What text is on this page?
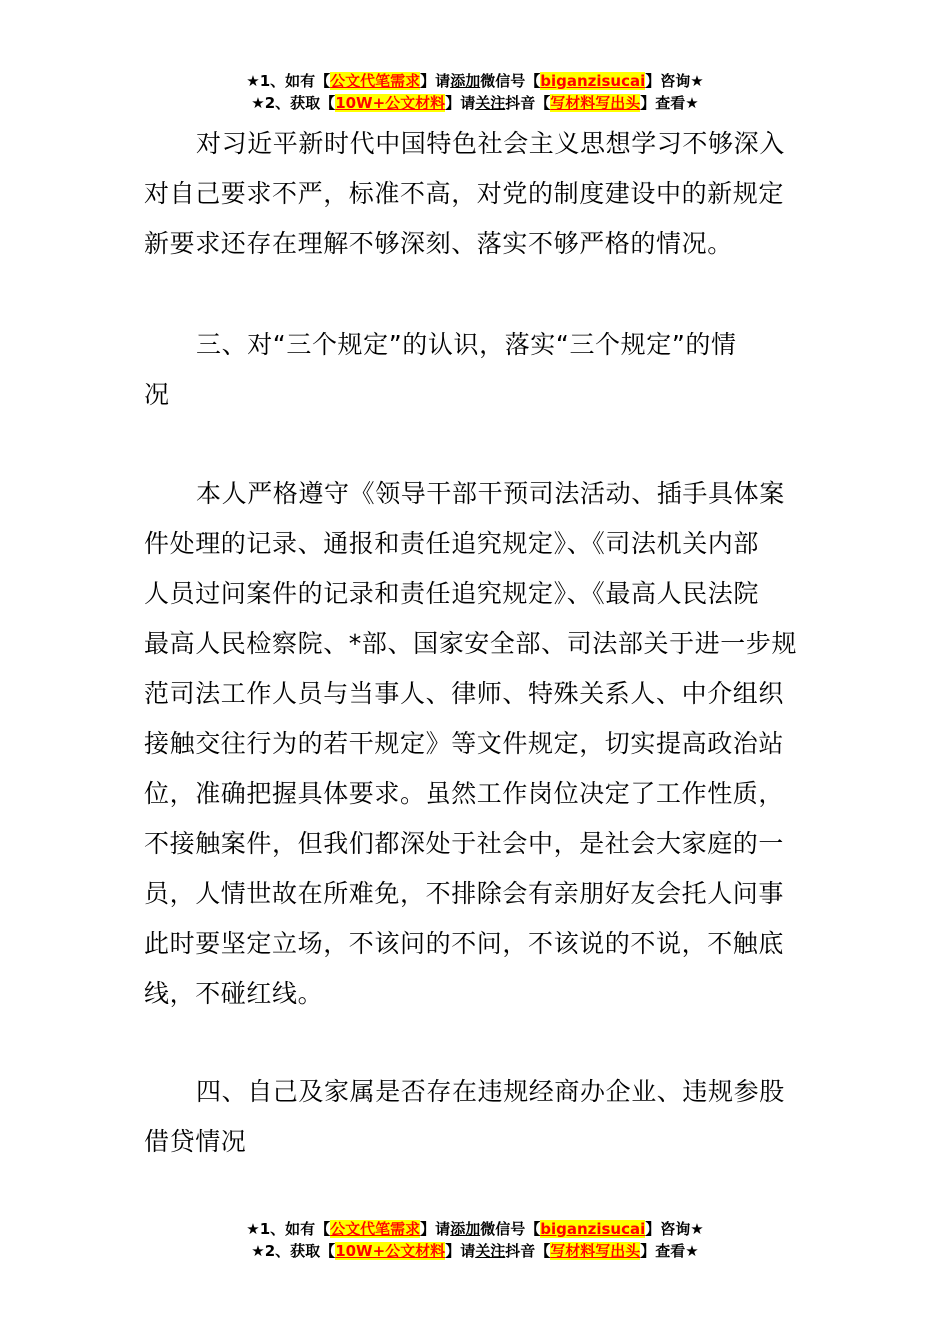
★1、如有【公文代笔需求】请添加微信号【biganzisucai】咨询★
★2、获取【10W+公文材料】请关注抖音【写材料写出头】查看★
对习近平新时代中国特色社会主义思想学习不够深入
对自己要求不严，标准不高，对党的制度建设中的新规定
新要求还存在理解不够深刻、落实不够严格的情况。
三、对“三个规定”的认识，落实“三个规定”的情
况
本人严格遵守《领导干部干预司法活动、插手具体案
件处理的记录、通报和责任追究规定》、《司法机关内部
人员过问案件的记录和责任追究规定》、《最高人民法院
最高人民检察院、*部、国家安全部、司法部关于进一步规
范司法工作人员与当事人、律师、特殊关系人、中介组织
接触交往行为的若干规定》等文件规定，切实提高政治站
位，准确把握具体要求。虽然工作岗位决定了工作性质，
不接触案件，但我们都深处于社会中，是社会大家庭的一
员，人情世故在所难免，不排除会有亲朋好友会托人问事
此时要坚定立场，不该问的不问，不该说的不说，不触底
线，不碰红线。
四、自己及家属是否存在违规经商办企业、违规参股
借贷情况
★1、如有【公文代笔需求】请添加微信号【biganzisucai】咨询★
★2、获取【10W+公文材料】请关注抖音【写材料写出头】查看★
